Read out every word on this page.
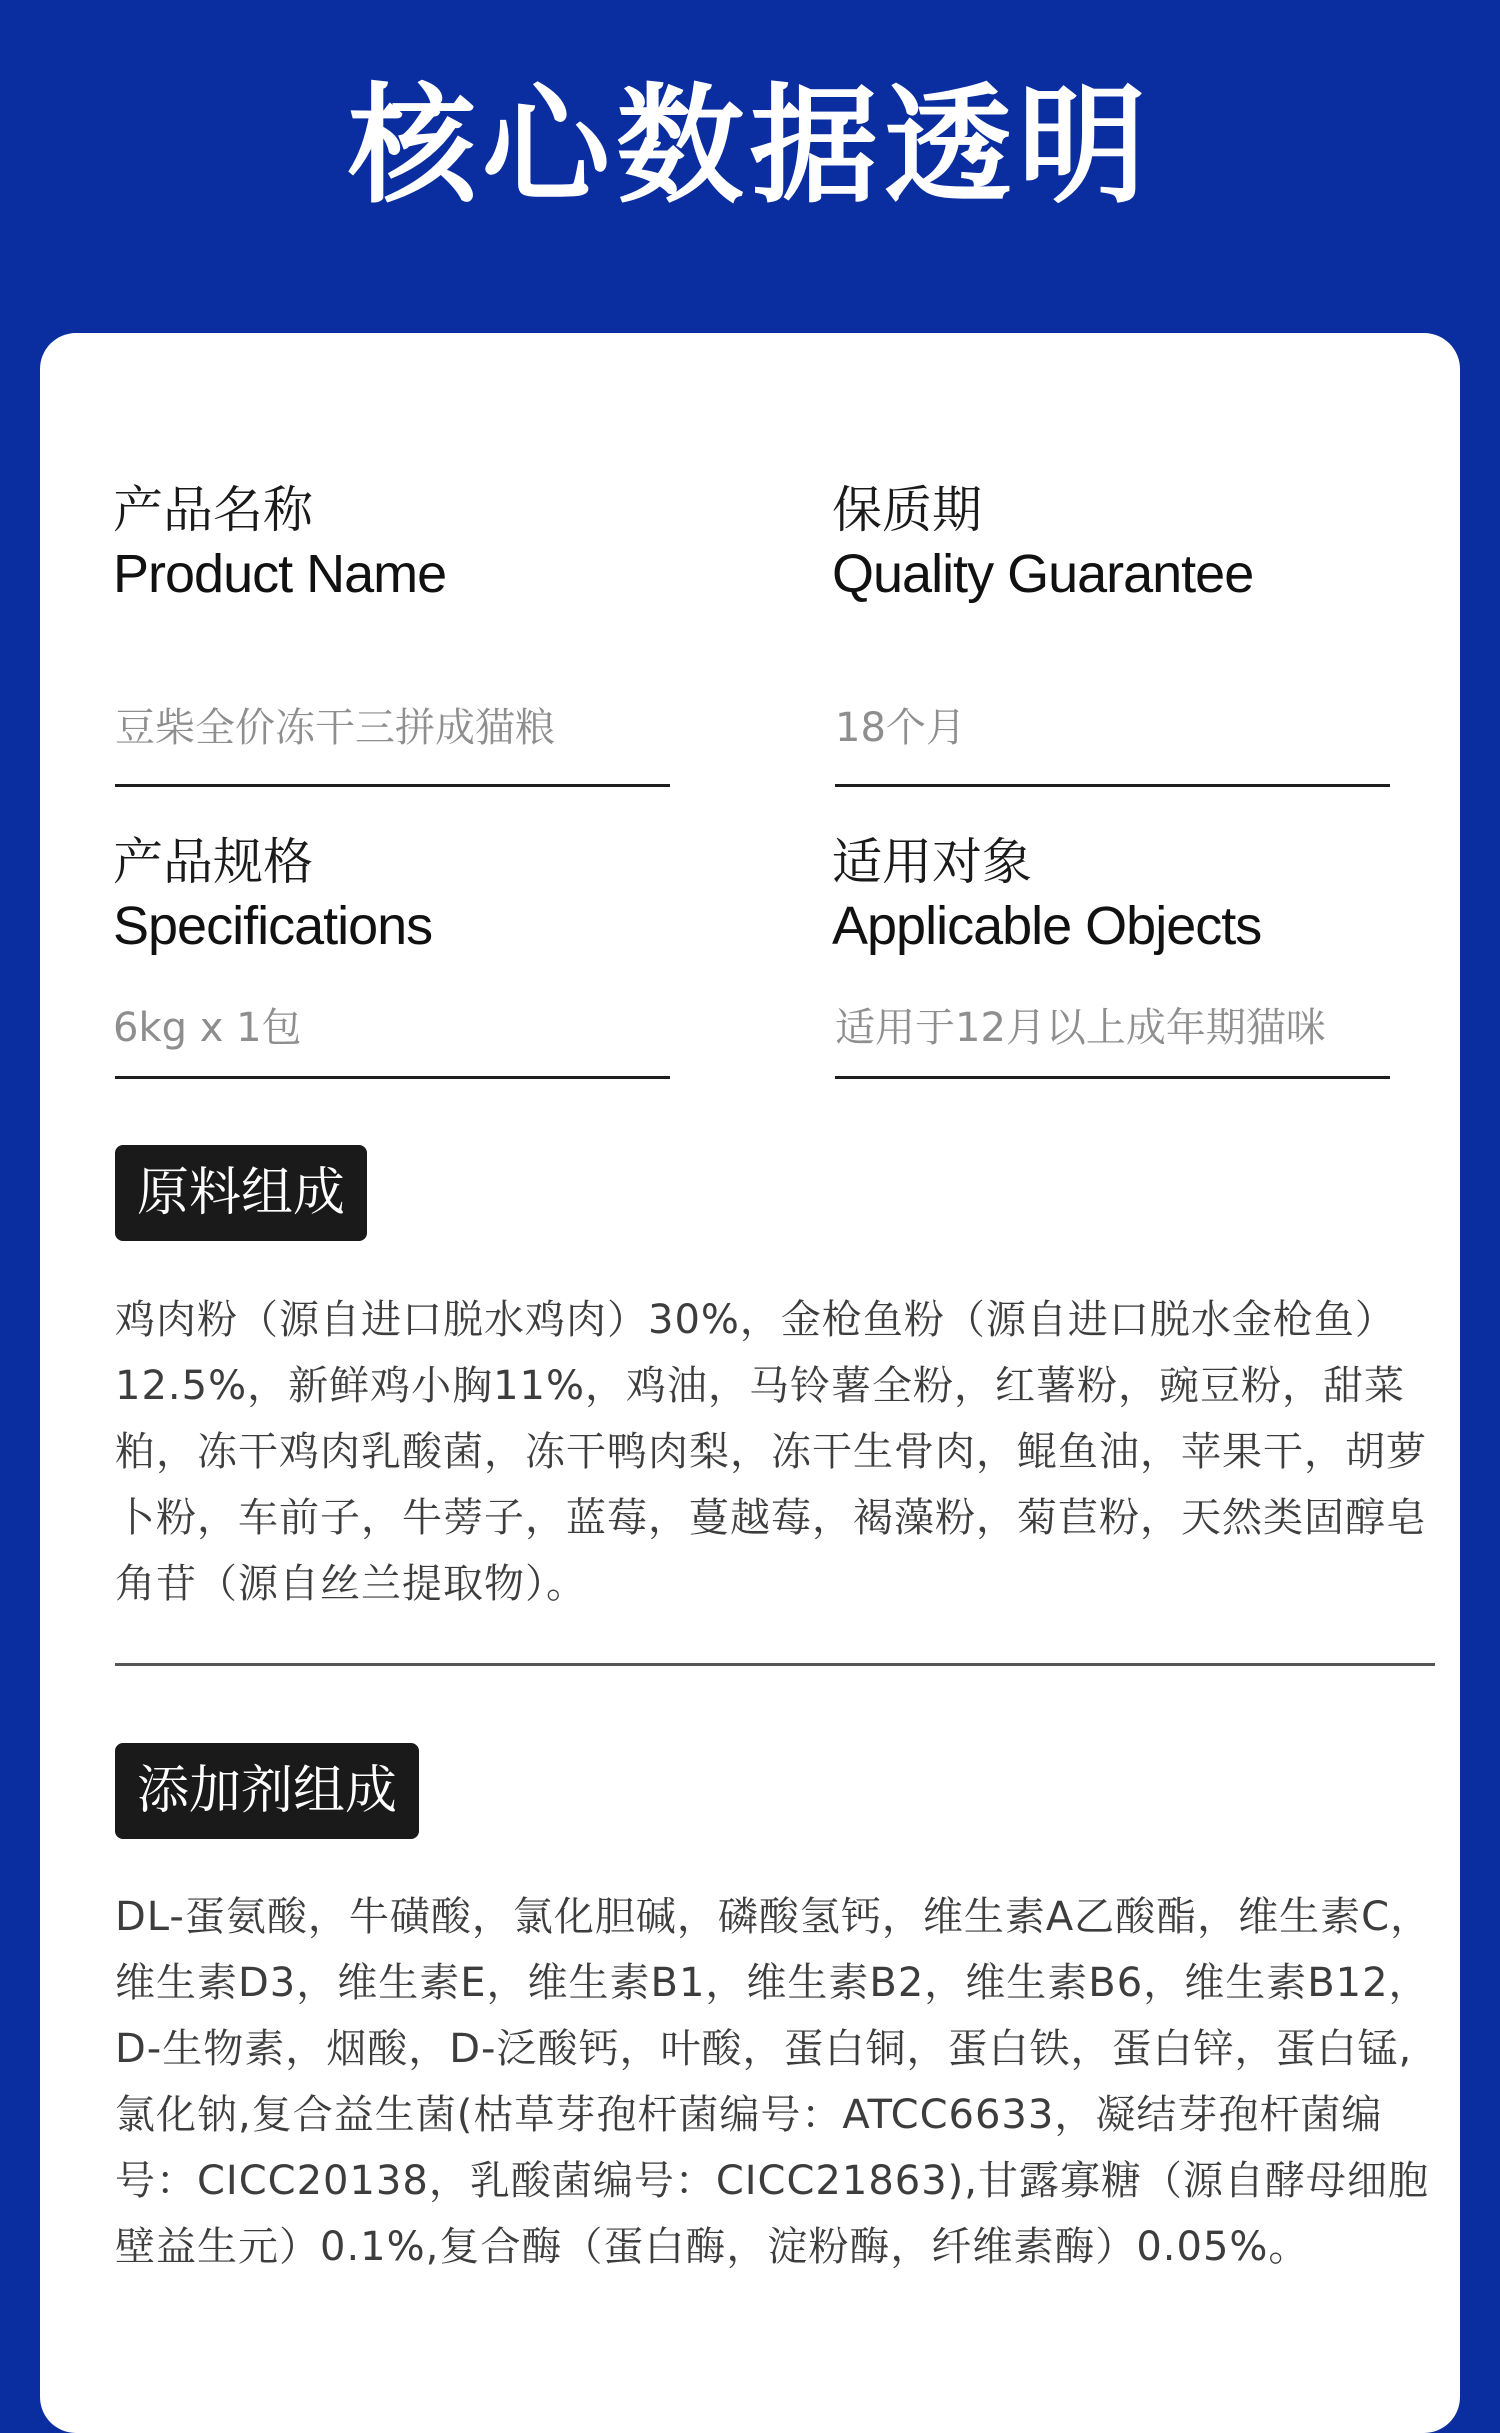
核心数据透明
产品名称
Product Name
豆柴全价冻干三拼成猫粮
保质期
Quality Guarantee
18个月
产品规格
Specifications
6kg x 1包
适用对象
Applicable Objects
适用于12月以上成年期猫咪
原料组成
鸡肉粉（源自进口脱水鸡肉）30%，金枪鱼粉（源自进口脱水金枪鱼）12.5%，新鲜鸡小胸11%，鸡油，马铃薯全粉，红薯粉，豌豆粉，甜菜粕，冻干鸡肉乳酸菌，冻干鸭肉梨，冻干生骨肉，鲲鱼油，苹果干，胡萝卜粉，车前子，牛蒡子，蓝莓，蔓越莓，褐藻粉，菊苣粉，天然类固醇皂角苷（源自丝兰提取物）。
添加剂组成
DL-蛋氨酸，牛磺酸，氯化胆碱，磷酸氢钙，维生素A乙酸酯，维生素C，维生素D3，维生素E，维生素B1，维生素B2，维生素B6，维生素B12，D-生物素，烟酸，D-泛酸钙，叶酸，蛋白铜，蛋白铁，蛋白锌，蛋白锰,氯化钠,复合益生菌(枯草芽孢杆菌编号：ATCC6633，凝结芽孢杆菌编号：CICC20138，乳酸菌编号：CICC21863),甘露寡糖（源自酵母细胞壁益生元）0.1%,复合酶（蛋白酶，淀粉酶，纤维素酶）0.05%。
